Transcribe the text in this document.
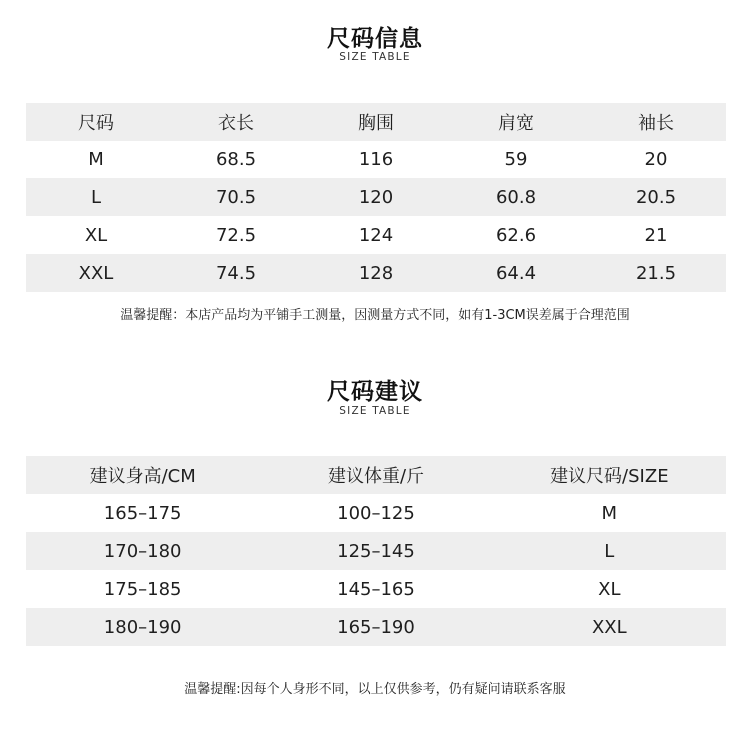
尺码信息
SIZE TABLE
尺码	衣长	胸围	肩宽	袖长
M	68.5	116	59	20
L	70.5	120	60.8	20.5
XL	72.5	124	62.6	21
XXL	74.5	128	64.4	21.5
温馨提醒：本店产品均为平铺手工测量，因测量方式不同，如有1-3CM误差属于合理范围
尺码建议
SIZE TABLE
建议身高/CM	建议体重/斤	建议尺码/SIZE
165–175	100–125	M
170–180	125–145	L
175–185	145–165	XL
180–190	165–190	XXL
温馨提醒:因每个人身形不同，以上仅供参考，仍有疑问请联系客服
